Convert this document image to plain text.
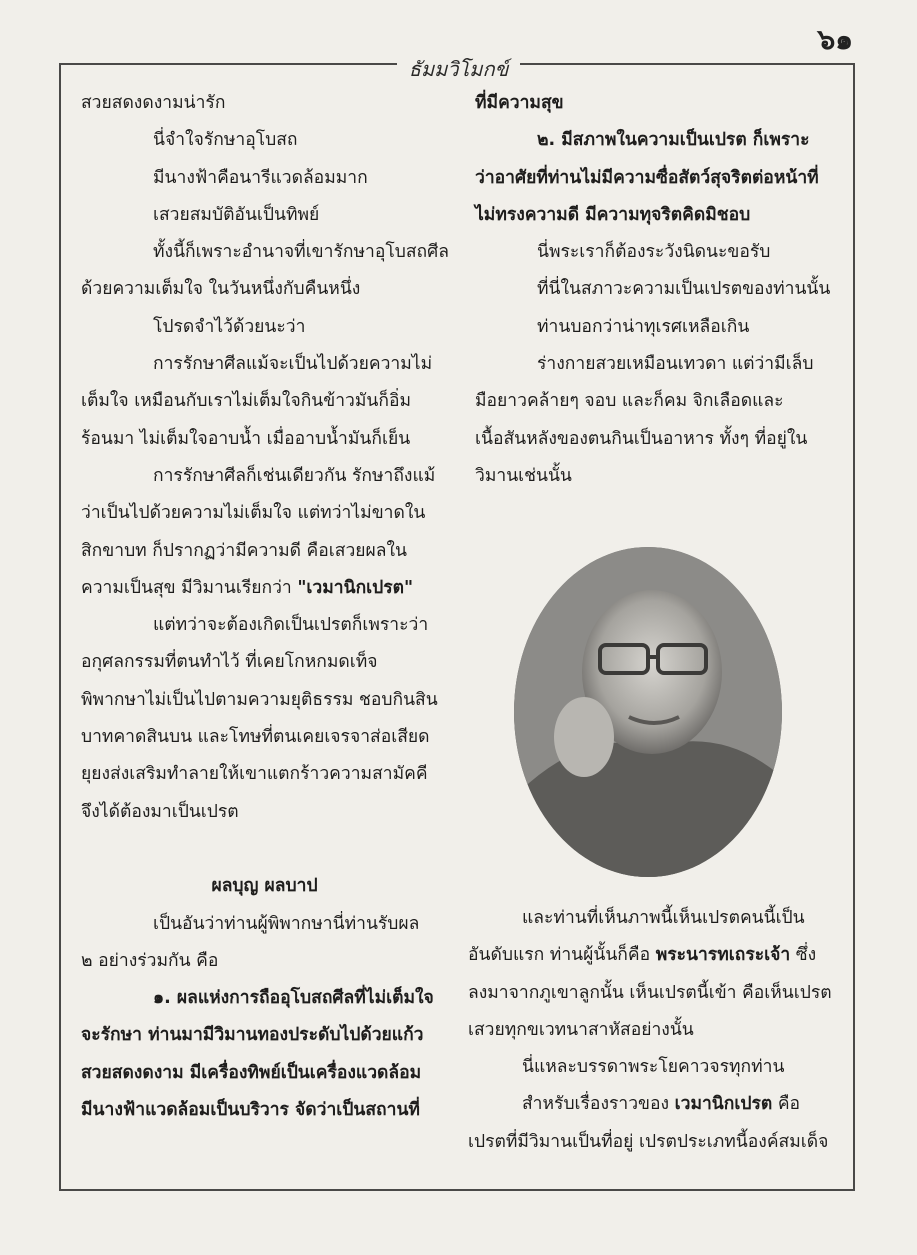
๖๑
ธัมมวิโมกข์
สวยสดงดงามน่ารัก
นี่จำใจรักษาอุโบสถ
มีนางฟ้าคือนารีแวดล้อมมาก
เสวยสมบัติอันเป็นทิพย์
ทั้งนี้ก็เพราะอำนาจที่เขารักษาอุโบสถศีล
ด้วยความเต็มใจ ในวันหนึ่งกับคืนหนึ่ง
โปรดจำไว้ด้วยนะว่า
การรักษาศีลแม้จะเป็นไปด้วยความไม่
เต็มใจ เหมือนกับเราไม่เต็มใจกินข้าวมันก็อิ่ม
ร้อนมา ไม่เต็มใจอาบน้ำ เมื่ออาบน้ำมันก็เย็น
การรักษาศีลก็เช่นเดียวกัน รักษาถึงแม้
ว่าเป็นไปด้วยความไม่เต็มใจ แต่ทว่าไม่ขาดใน
สิกขาบท ก็ปรากฏว่ามีความดี คือเสวยผลใน
ความเป็นสุข มีวิมานเรียกว่า "เวมานิกเปรต"
แต่ทว่าจะต้องเกิดเป็นเปรตก็เพราะว่า
อกุศลกรรมที่ตนทำไว้ ที่เคยโกหกมดเท็จ
พิพากษาไม่เป็นไปตามความยุติธรรม ชอบกินสิน
บาทคาดสินบน และโทษที่ตนเคยเจรจาส่อเสียด
ยุยงส่งเสริมทำลายให้เขาแตกร้าวความสามัคคี
จึงได้ต้องมาเป็นเปรต
ผลบุญ ผลบาป
เป็นอันว่าท่านผู้พิพากษานี่ท่านรับผล
๒ อย่างร่วมกัน คือ
๑. ผลแห่งการถืออุโบสถศีลที่ไม่เต็มใจ
จะรักษา ท่านมามีวิมานทองประดับไปด้วยแก้ว
สวยสดงดงาม มีเครื่องทิพย์เป็นเครื่องแวดล้อม
มีนางฟ้าแวดล้อมเป็นบริวาร จัดว่าเป็นสถานที่
ที่มีความสุข
๒. มีสภาพในความเป็นเปรต ก็เพราะ
ว่าอาศัยที่ท่านไม่มีความซื่อสัตว์สุจริตต่อหน้าที่
ไม่ทรงความดี มีความทุจริตคิดมิชอบ
นี่พระเราก็ต้องระวังนิดนะขอรับ
ที่นี่ในสภาวะความเป็นเปรตของท่านนั้น
ท่านบอกว่าน่าทุเรศเหลือเกิน
ร่างกายสวยเหมือนเทวดา แต่ว่ามีเล็บ
มือยาวคล้ายๆ จอบ และก็คม จิกเลือดและ
เนื้อสันหลังของตนกินเป็นอาหาร ทั้งๆ ที่อยู่ใน
วิมานเช่นนั้น
และท่านที่เห็นภาพนี้เห็นเปรตคนนี้เป็น
อันดับแรก ท่านผู้นั้นก็คือ พระนารทเถระเจ้า ซึ่ง
ลงมาจากภูเขาลูกนั้น เห็นเปรตนี้เข้า คือเห็นเปรต
เสวยทุกขเวทนาสาหัสอย่างนั้น
นี่แหละบรรดาพระโยคาวจรทุกท่าน
สำหรับเรื่องราวของ เวมานิกเปรต คือ
เปรตที่มีวิมานเป็นที่อยู่ เปรตประเภทนี้องค์สมเด็จ
